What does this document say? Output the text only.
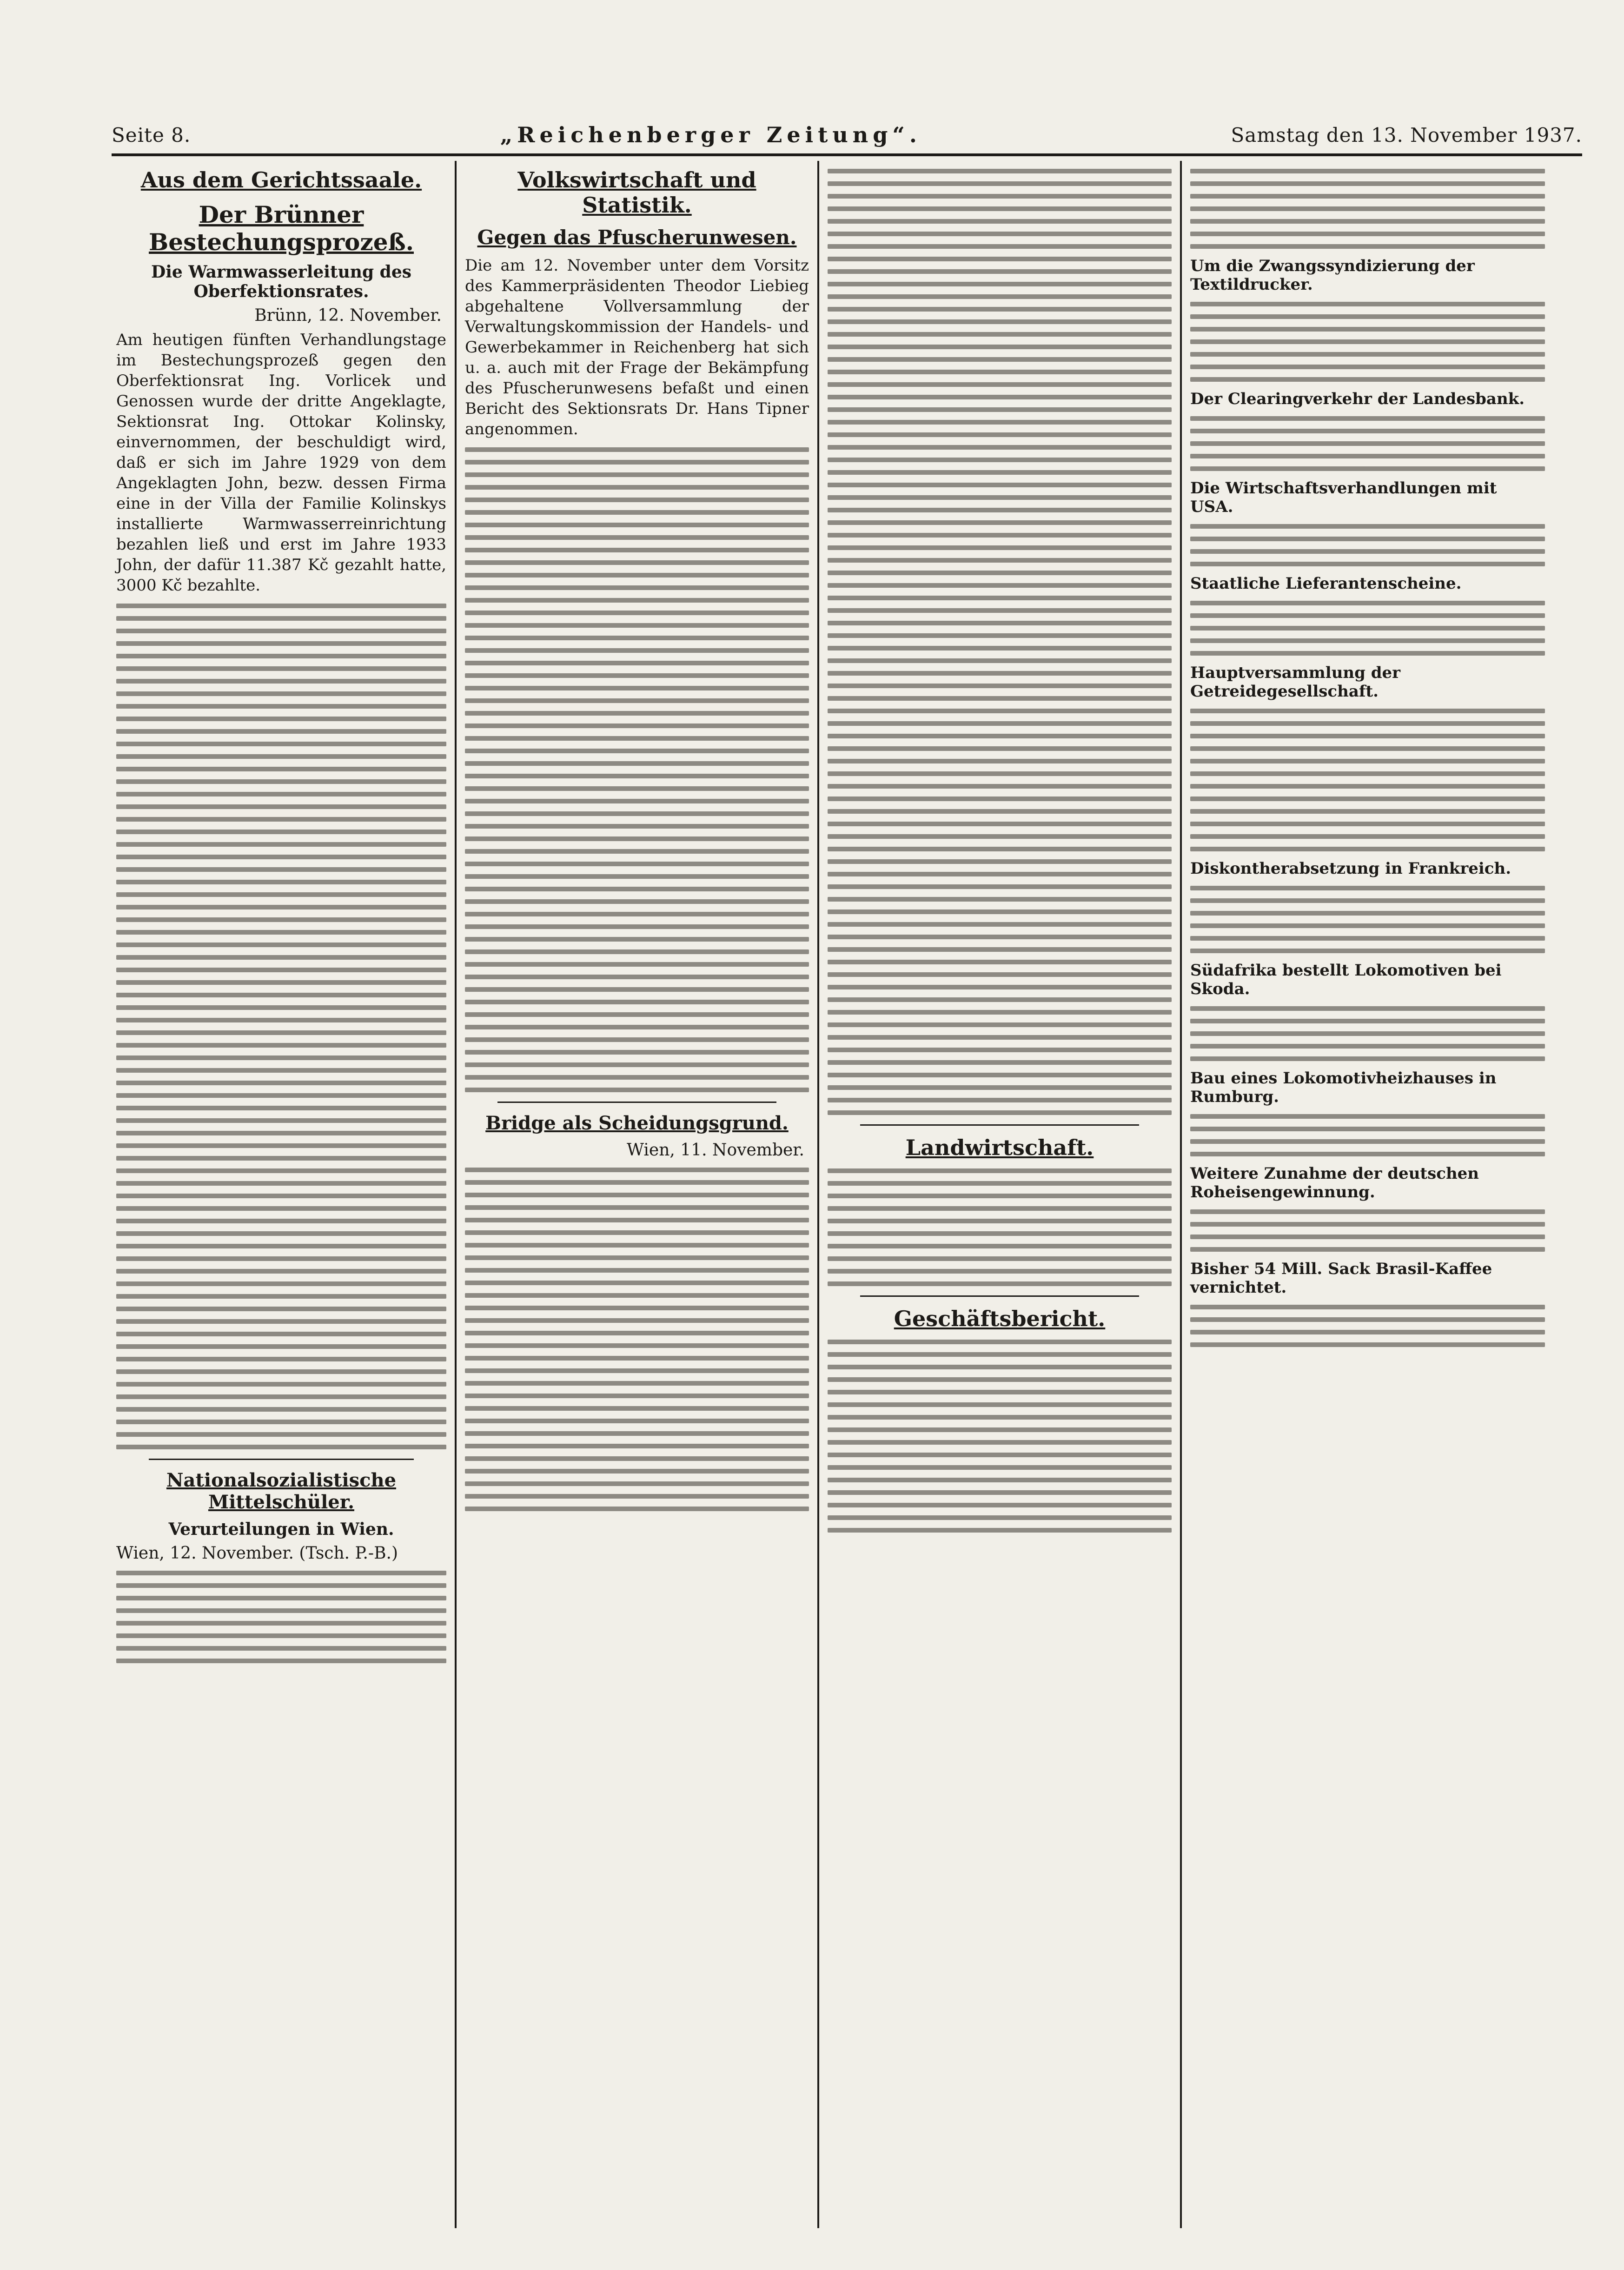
Seite 8.	„Reichenberger Zeitung“.	Samstag den 13. November 1937.
Aus dem Gerichtssaale.
Der Brünner Bestechungsprozeß.
Die Warmwasserleitung des Oberfektionsrates.

Brünn, 12. November.

Am heutigen fünften Verhandlungstage im Bestechungsprozeß gegen den Oberfektionsrat Ing. Vorlicek und Genossen wurde der dritte Angeklagte, Sektionsrat Ing. Ottokar Kolinsky, einvernommen, der beschuldigt wird, daß er sich im Jahre 1929 von dem Angeklagten John, bezw. dessen Firma eine in der Villa der Familie Kolinskys installierte Warmwasserreinrichtung bezahlen ließ und erst im Jahre 1933 John, der dafür 11.387 Kč gezahlt hatte, 3000 Kč bezahlte.
Nationalsozialistische Mittelschüler.
Verurteilungen in Wien.

Wien, 12. November. (Tsch. P.-B.)

Volkswirtschaft und Statistik.
Gegen das Pfuscherunwesen.
Die am 12. November unter dem Vorsitz des Kammerpräsidenten Theodor Liebieg abgehaltene Vollversammlung der Verwaltungskommission der Handels- und Gewerbekammer in Reichenberg hat sich u. a. auch mit der Frage der Bekämpfung des Pfuscherunwesens befaßt und einen Bericht des Sektionsrats Dr. Hans Tipner angenommen.
Bridge als Scheidungsgrund.

Wien, 11. November.	Landwirtschaft.
Geschäftsbericht.
Um die Zwangssyndizierung der Textildrucker.
Der Clearingverkehr der Landesbank.
Die Wirtschaftsverhandlungen mit USA.
Staatliche Lieferantenscheine.
Hauptversammlung der Getreidegesellschaft.
Diskontherabsetzung in Frankreich.
Südafrika bestellt Lokomotiven bei Skoda.
Bau eines Lokomotivheizhauses in Rumburg.
Weitere Zunahme der deutschen Roheisengewinnung.
Bisher 54 Mill. Sack Brasil-Kaffee vernichtet.
